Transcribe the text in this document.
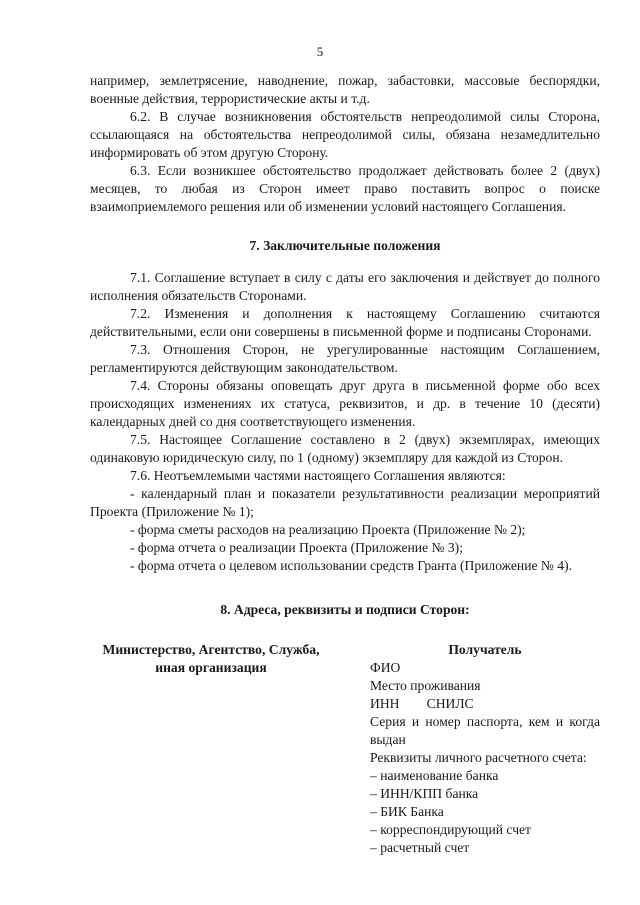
5

например, землетрясение, наводнение, пожар, забастовки, массовые беспорядки, военные действия, террористические акты и т.д.

6.2. В случае возникновения обстоятельств непреодолимой силы Сторона, ссылающаяся на обстоятельства непреодолимой силы, обязана незамедлительно информировать об этом другую Сторону.

6.3. Если возникшее обстоятельство продолжает действовать более 2 (двух) месяцев, то любая из Сторон имеет право поставить вопрос о поиске взаимоприемлемого решения или об изменении условий настоящего Соглашения.

7. Заключительные положения

7.1. Соглашение вступает в силу с даты его заключения и действует до полного исполнения обязательств Сторонами.

7.2. Изменения и дополнения к настоящему Соглашению считаются действительными, если они совершены в письменной форме и подписаны Сторонами.

7.3. Отношения Сторон, не урегулированные настоящим Соглашением, регламентируются действующим законодательством.

7.4. Стороны обязаны оповещать друг друга в письменной форме обо всех происходящих изменениях их статуса, реквизитов, и др. в течение 10 (десяти) календарных дней со дня соответствующего изменения.

7.5. Настоящее Соглашение составлено в 2 (двух) экземплярах, имеющих одинаковую юридическую силу, по 1 (одному) экземпляру для каждой из Сторон.

7.6. Неотъемлемыми частями настоящего Соглашения являются:

- календарный план и показатели результативности реализации мероприятий Проекта (Приложение № 1);

- форма сметы расходов на реализацию Проекта (Приложение № 2);

- форма отчета о реализации Проекта (Приложение № 3);

- форма отчета о целевом использовании средств Гранта (Приложение № 4).

8. Адреса, реквизиты и подписи Сторон:

Министерство, Агентство, Служба, иная организация
Получатель
ФИО
Место проживания
ИНН        СНИЛС
Серия и номер паспорта, кем и когда выдан
Реквизиты личного расчетного счета:
– наименование банка
– ИНН/КПП банка
– БИК Банка
– корреспондирующий счет
– расчетный счет
